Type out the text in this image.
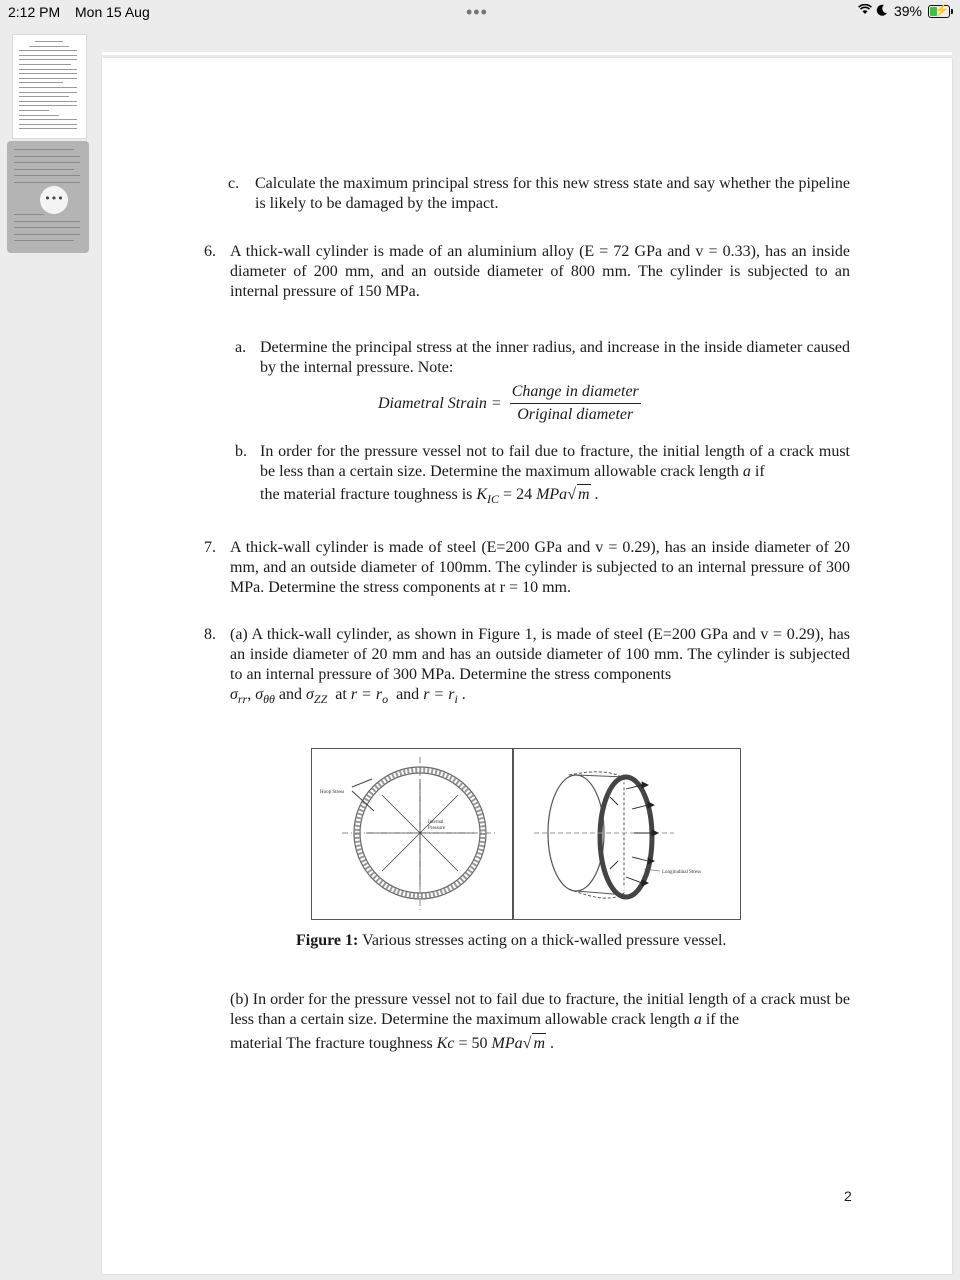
2:12 PM Mon 15 Aug	•••	39% ⚡
•••
c. Calculate the maximum principal stress for this new stress state and say whether the pipeline is likely to be damaged by the impact.

6. A thick-wall cylinder is made of an aluminium alloy (E = 72 GPa and v = 0.33), has an inside diameter of 200 mm, and an outside diameter of 800 mm. The cylinder is subjected to an internal pressure of 150 MPa.

a. Determine the principal stress at the inner radius, and increase in the inside diameter caused by the internal pressure. Note:

Diametral Strain =
Change in diameter
Original diameter
b. In order for the pressure vessel not to fail due to fracture, the initial length of a crack must be less than a certain size. Determine the maximum allowable crack length a if

the material fracture toughness is $K_{IC} = 24$ MPa√ m .
7. A thick-wall cylinder is made of steel (E=200 GPa and v = 0.29), has an inside diameter of 20 mm, and an outside diameter of 100mm. The cylinder is subjected to an internal pressure of 300 MPa. Determine the stress components at r = 10 mm.

8. (a) A thick-wall cylinder, as shown in Figure 1, is made of steel (E=200 GPa and v = 0.29), has an inside diameter of 20 mm and has an outside diameter of 100 mm. The cylinder is subjected to an internal pressure of 300 MPa. Determine the stress components

$\sigma_{rr}$, $\sigma_{\theta\theta}$ and $\sigma_{ZZ}$ at $r = r_o$ and $r = r_i$ .
Hoop Stress
Internal
Pressure
Longitudinal Stress
Figure 1: Various stresses acting on a thick-walled pressure vessel.

(b) In order for the pressure vessel not to fail due to fracture, the initial length of a crack must be less than a certain size. Determine the maximum allowable crack length a if the

material The fracture toughness Kc = 50 MPa√ m .
2
